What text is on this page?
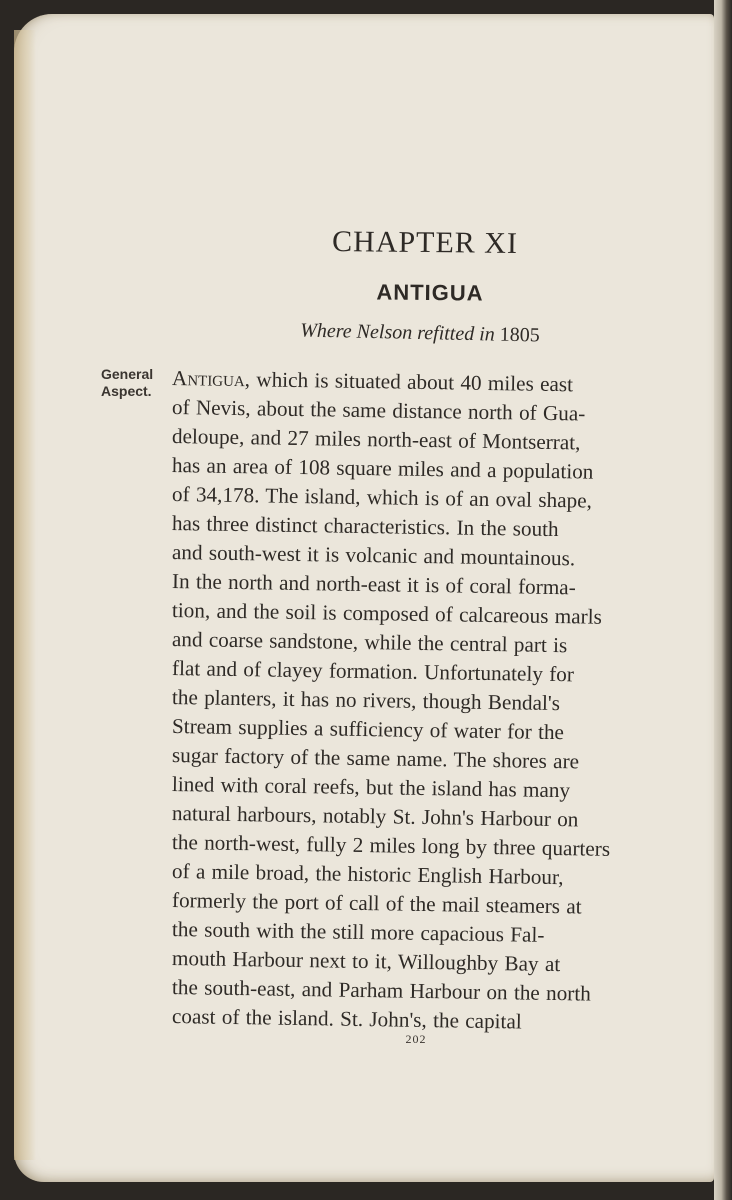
CHAPTER XI
ANTIGUA
Where Nelson refitted in 1805
General
Aspect. Antigua, which is situated about 40 miles east
of Nevis, about the same distance north of Gua-
deloupe, and 27 miles north-east of Montserrat,
has an area of 108 square miles and a population
of 34,178. The island, which is of an oval shape,
has three distinct characteristics. In the south
and south-west it is volcanic and mountainous.
In the north and north-east it is of coral forma-
tion, and the soil is composed of calcareous marls
and coarse sandstone, while the central part is
flat and of clayey formation. Unfortunately for
the planters, it has no rivers, though Bendal's
Stream supplies a sufficiency of water for the
sugar factory of the same name. The shores are
lined with coral reefs, but the island has many
natural harbours, notably St. John's Harbour on
the north-west, fully 2 miles long by three quarters
of a mile broad, the historic English Harbour,
formerly the port of call of the mail steamers at
the south with the still more capacious Fal-
mouth Harbour next to it, Willoughby Bay at
the south-east, and Parham Harbour on the north
coast of the island. St. John's, the capital
202
